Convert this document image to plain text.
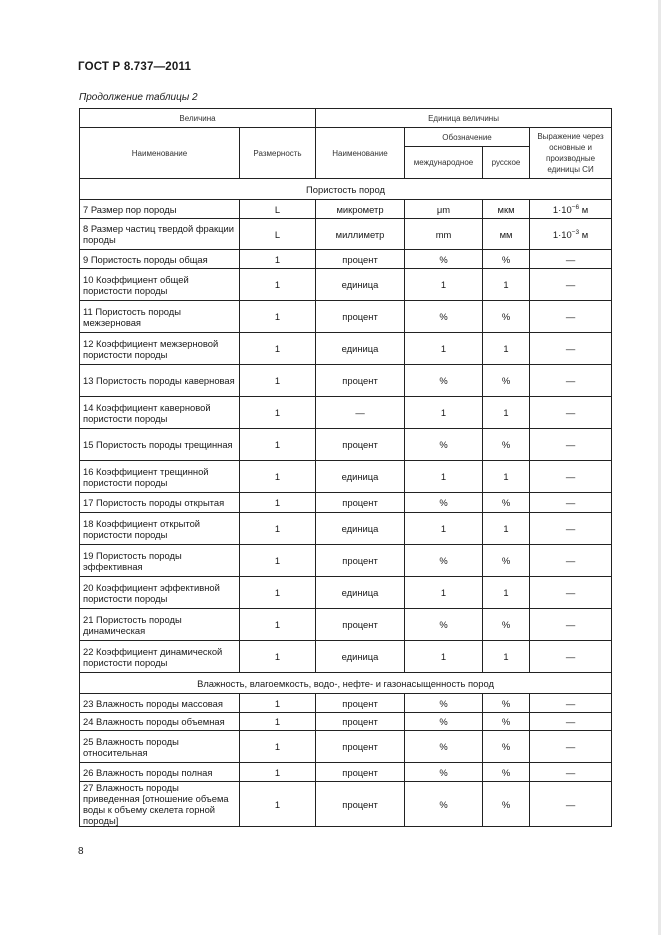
ГОСТ Р 8.737—2011
Продолжение таблицы 2
Величина		Единица величины			
Наименование	Размерность	Наименование	Обозначение		Выражение через основные и производные единицы СИ
			международное	русское	
Пористость пород					
7 Размер пор породы	L	микрометр	μm	мкм	$1\cdot 10^{-6}$ м
8 Размер частиц твердой фракции породы	L	миллиметр	mm	мм	$1\cdot 10^{-3}$ м
9 Пористость породы общая	1	процент	%	%	—
10 Коэффициент общей пористости породы	1	единица	1	1	—
11 Пористость породы межзерновая	1	процент	%	%	—
12 Коэффициент межзерновой пористости породы	1	единица	1	1	—
13 Пористость породы каверновая	1	процент	%	%	—
14 Коэффициент каверновой пористости породы	1	—	1	1	—
15 Пористость породы трещинная	1	процент	%	%	—
16 Коэффициент трещинной пористости породы	1	единица	1	1	—
17 Пористость породы открытая	1	процент	%	%	—
18 Коэффициент открытой пористости породы	1	единица	1	1	—
19 Пористость породы эффективная	1	процент	%	%	—
20 Коэффициент эффективной пористости породы	1	единица	1	1	—
21 Пористость породы динамическая	1	процент	%	%	—
22 Коэффициент динамической пористости породы	1	единица	1	1	—
Влажность, влагоемкость, водо-, нефте- и газонасыщенность пород					
23 Влажность породы массовая	1	процент	%	%	—
24 Влажность породы объемная	1	процент	%	%	—
25 Влажность породы относительная	1	процент	%	%	—
26 Влажность породы полная	1	процент	%	%	—
27 Влажность породы приведенная [отношение объема воды к объему скелета горной породы]	1	процент	%	%	—
8
